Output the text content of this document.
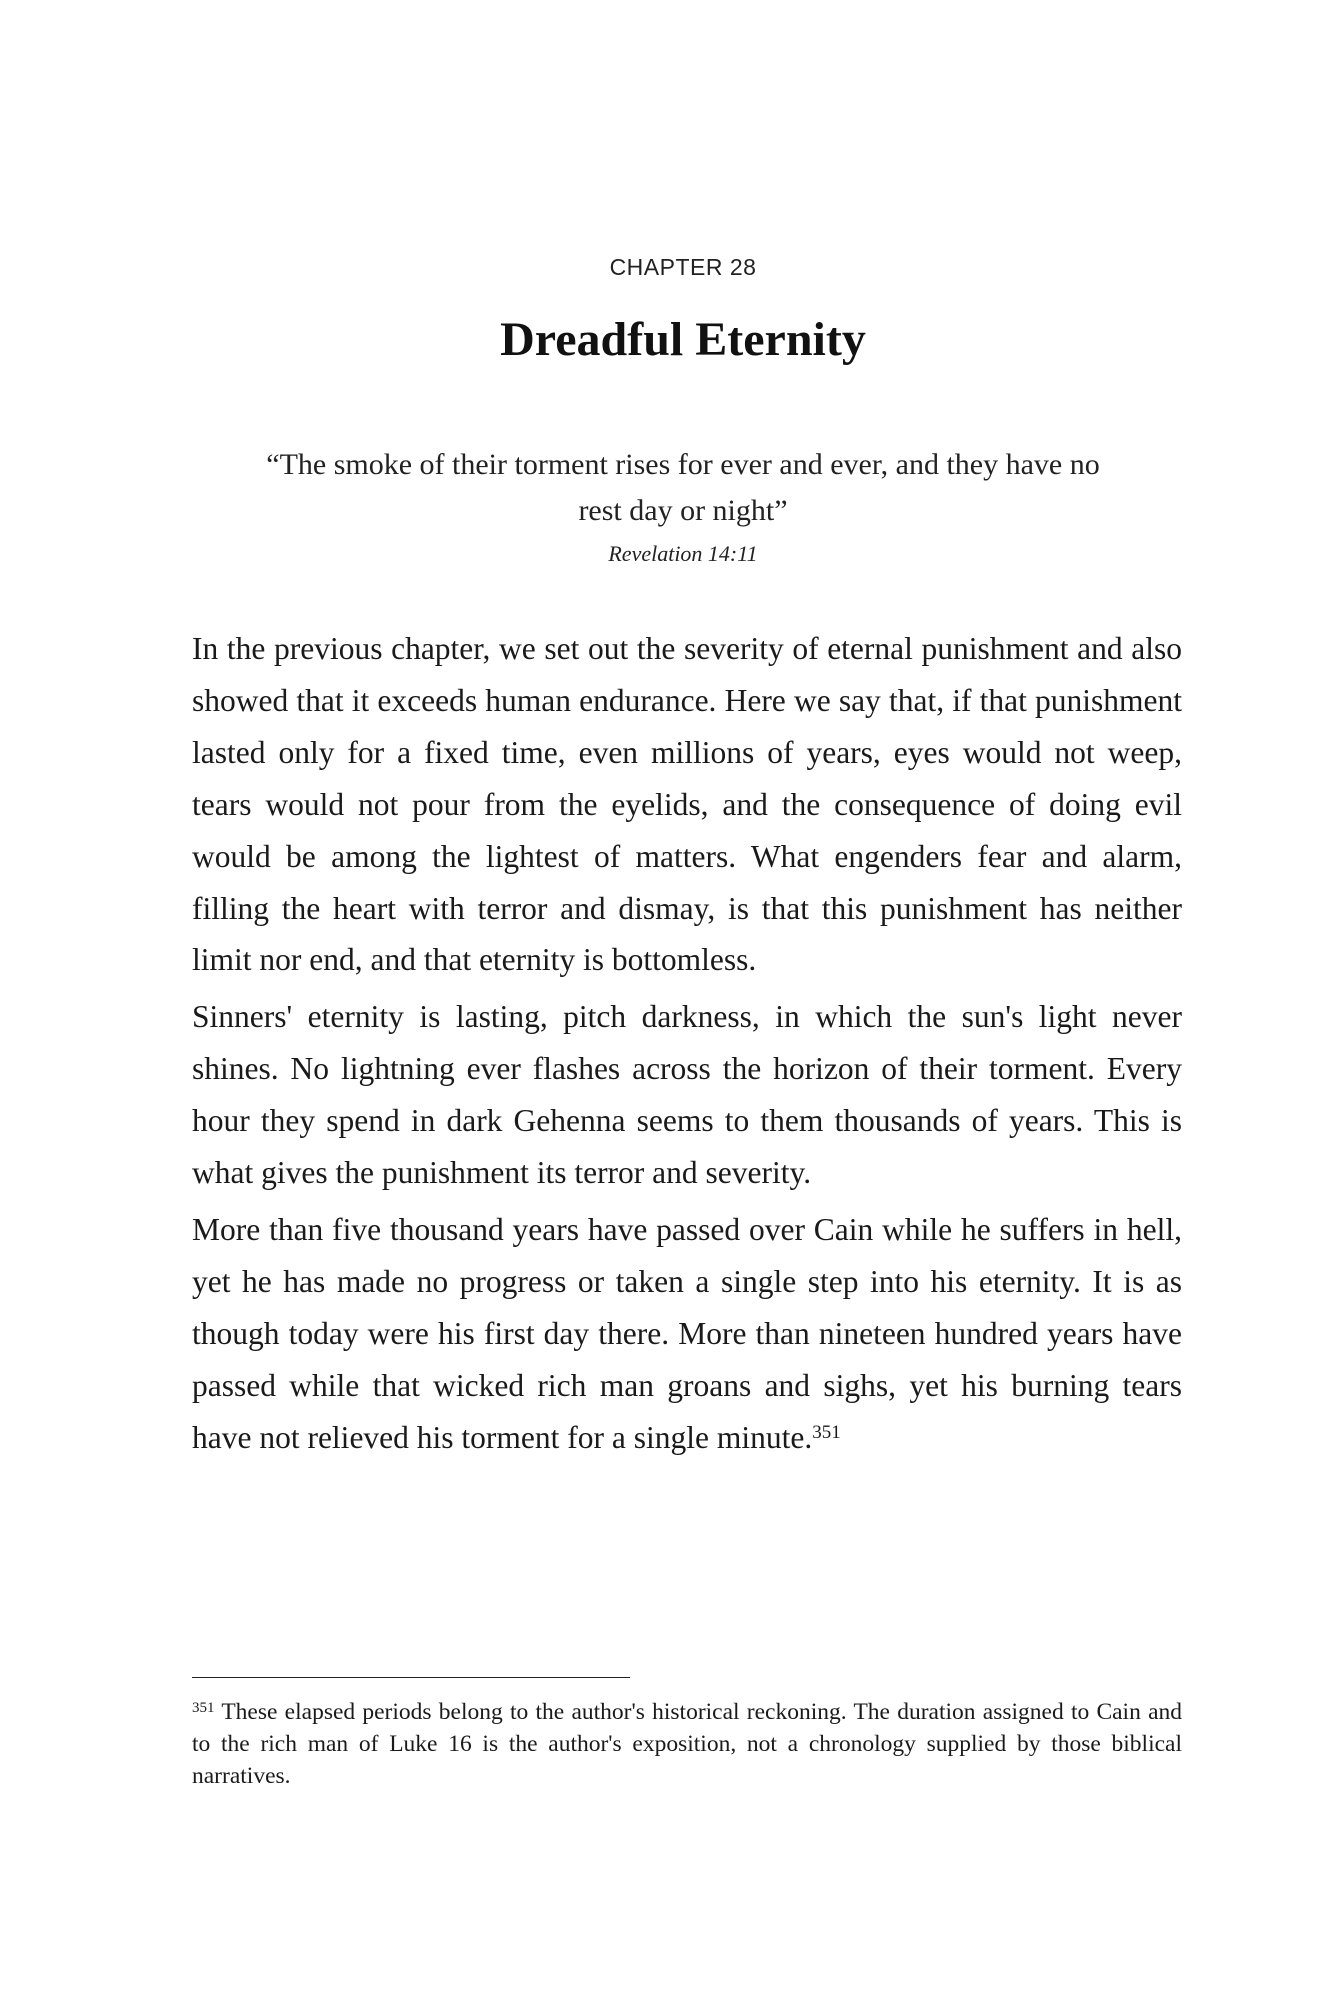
CHAPTER 28
Dreadful Eternity
“The smoke of their torment rises for ever and ever, and they have no rest day or night”
Revelation 14:11

In the previous chapter, we set out the severity of eternal punishment and also showed that it exceeds human endurance. Here we say that, if that punishment lasted only for a fixed time, even millions of years, eyes would not weep, tears would not pour from the eyelids, and the consequence of doing evil would be among the lightest of matters. What engenders fear and alarm, filling the heart with terror and dismay, is that this punishment has neither limit nor end, and that eternity is bottomless.

Sinners' eternity is lasting, pitch darkness, in which the sun's light never shines. No lightning ever flashes across the horizon of their torment. Every hour they spend in dark Gehenna seems to them thousands of years. This is what gives the punishment its terror and severity.

More than five thousand years have passed over Cain while he suffers in hell, yet he has made no progress or taken a single step into his eternity. It is as though today were his first day there. More than nineteen hundred years have passed while that wicked rich man groans and sighs, yet his burning tears have not relieved his torment for a single minute.$^{351}$

$^{351}$ These elapsed periods belong to the author's historical reckoning. The duration assigned to Cain and to the rich man of Luke 16 is the author's exposition, not a chronology supplied by those biblical narratives.
